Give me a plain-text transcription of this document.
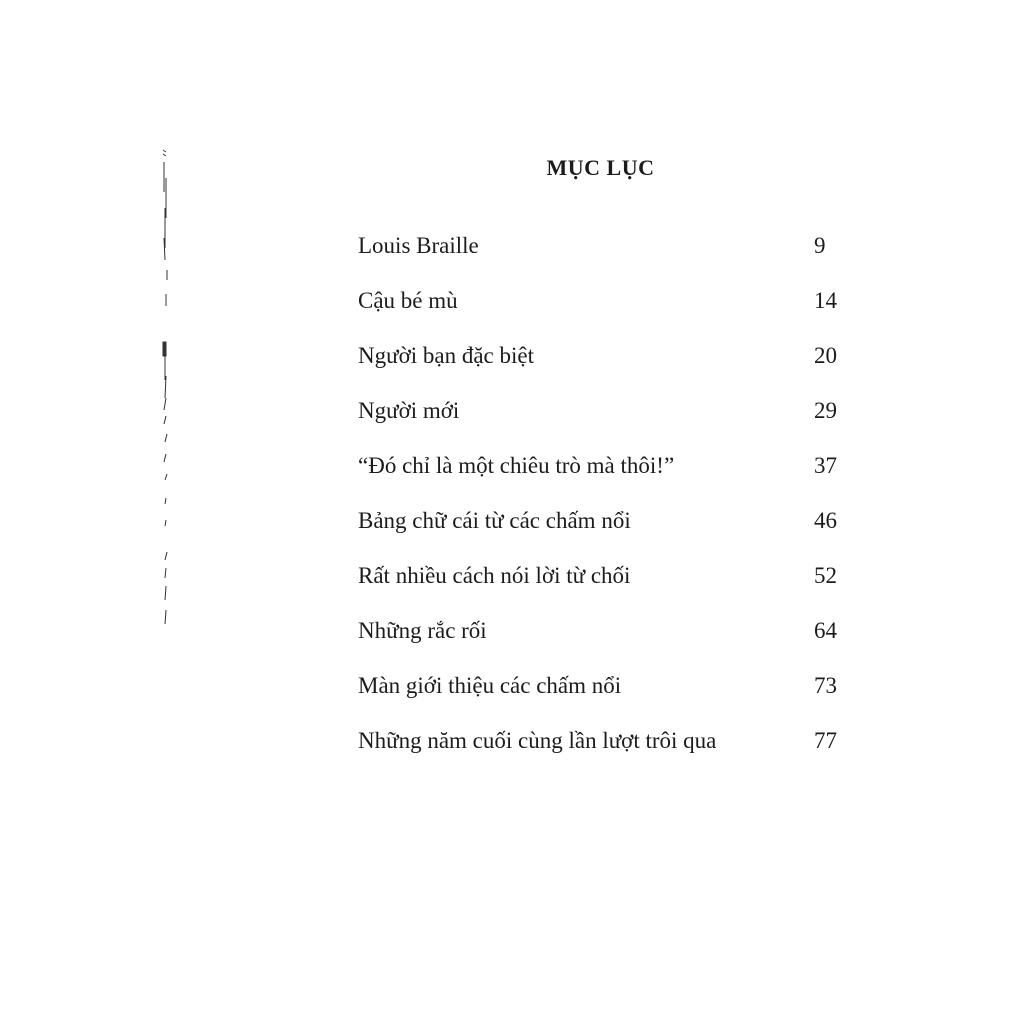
MỤC LỤC
Louis Braille	9
Cậu bé mù	14
Người bạn đặc biệt	20
Người mới	29
“Đó chỉ là một chiêu trò mà thôi!”	37
Bảng chữ cái từ các chấm nổi	46
Rất nhiều cách nói lời từ chối	52
Những rắc rối	64
Màn giới thiệu các chấm nổi	73
Những năm cuối cùng lần lượt trôi qua	77
